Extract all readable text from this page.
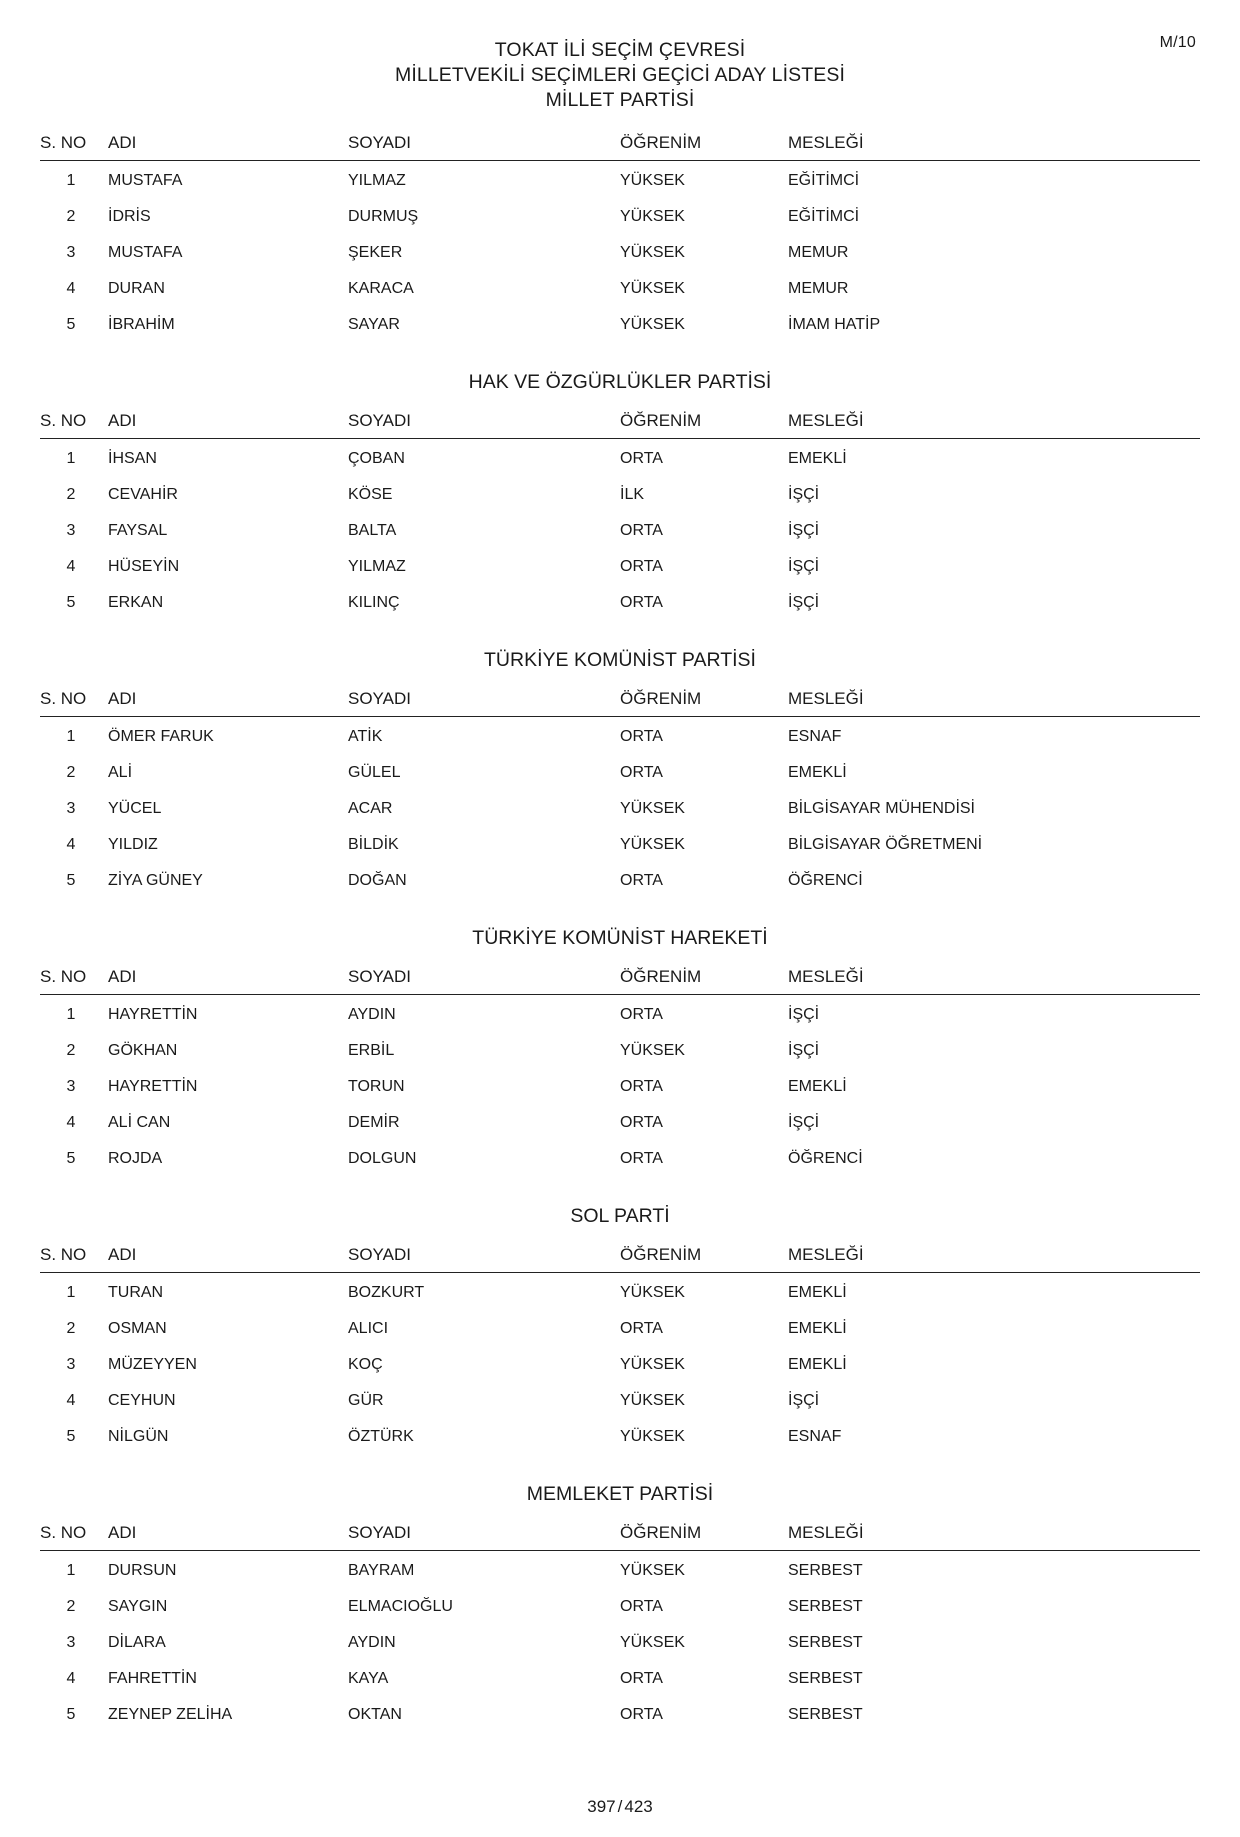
M/10
TOKAT İLİ SEÇİM ÇEVRESİ
MİLLETVEKİLİ SEÇİMLERİ GEÇİCİ ADAY LİSTESİ
MİLLET PARTİSİ
S. NO	ADI	SOYADI	ÖĞRENİM	MESLEĞİ
1	MUSTAFA	YILMAZ	YÜKSEK	EĞİTİMCİ
2	İDRİS	DURMUŞ	YÜKSEK	EĞİTİMCİ
3	MUSTAFA	ŞEKER	YÜKSEK	MEMUR
4	DURAN	KARACA	YÜKSEK	MEMUR
5	İBRAHİM	SAYAR	YÜKSEK	İMAM HATİP
HAK VE ÖZGÜRLÜKLER PARTİSİ
S. NO	ADI	SOYADI	ÖĞRENİM	MESLEĞİ
1	İHSAN	ÇOBAN	ORTA	EMEKLİ
2	CEVAHİR	KÖSE	İLK	İŞÇİ
3	FAYSAL	BALTA	ORTA	İŞÇİ
4	HÜSEYİN	YILMAZ	ORTA	İŞÇİ
5	ERKAN	KILINÇ	ORTA	İŞÇİ
TÜRKİYE KOMÜNİST PARTİSİ
S. NO	ADI	SOYADI	ÖĞRENİM	MESLEĞİ
1	ÖMER FARUK	ATİK	ORTA	ESNAF
2	ALİ	GÜLEL	ORTA	EMEKLİ
3	YÜCEL	ACAR	YÜKSEK	BİLGİSAYAR MÜHENDİSİ
4	YILDIZ	BİLDİK	YÜKSEK	BİLGİSAYAR ÖĞRETMENİ
5	ZİYA GÜNEY	DOĞAN	ORTA	ÖĞRENCİ
TÜRKİYE KOMÜNİST HAREKETİ
S. NO	ADI	SOYADI	ÖĞRENİM	MESLEĞİ
1	HAYRETTİN	AYDIN	ORTA	İŞÇİ
2	GÖKHAN	ERBİL	YÜKSEK	İŞÇİ
3	HAYRETTİN	TORUN	ORTA	EMEKLİ
4	ALİ CAN	DEMİR	ORTA	İŞÇİ
5	ROJDA	DOLGUN	ORTA	ÖĞRENCİ
SOL PARTİ
S. NO	ADI	SOYADI	ÖĞRENİM	MESLEĞİ
1	TURAN	BOZKURT	YÜKSEK	EMEKLİ
2	OSMAN	ALICI	ORTA	EMEKLİ
3	MÜZEYYEN	KOÇ	YÜKSEK	EMEKLİ
4	CEYHUN	GÜR	YÜKSEK	İŞÇİ
5	NİLGÜN	ÖZTÜRK	YÜKSEK	ESNAF
MEMLEKET PARTİSİ
S. NO	ADI	SOYADI	ÖĞRENİM	MESLEĞİ
1	DURSUN	BAYRAM	YÜKSEK	SERBEST
2	SAYGIN	ELMACIOĞLU	ORTA	SERBEST
3	DİLARA	AYDIN	YÜKSEK	SERBEST
4	FAHRETTİN	KAYA	ORTA	SERBEST
5	ZEYNEP ZELİHA	OKTAN	ORTA	SERBEST
397 / 423
